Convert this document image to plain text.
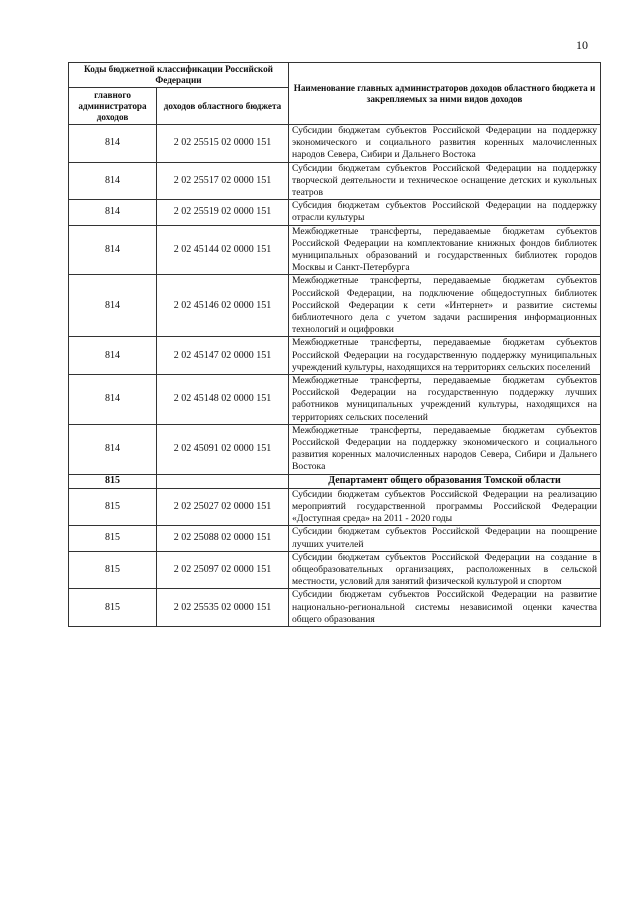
10
Коды бюджетной классификации Российской Федерации		Наименование главных администраторов доходов областного бюджета и закрепляемых за ними видов доходов
главного администратора доходов	доходов областного бюджета	
814	2 02 25515 02 0000 151	Субсидии бюджетам субъектов Российской Федерации на поддержку экономического и социального развития коренных малочисленных народов Севера, Сибири и Дальнего Востока
814	2 02 25517 02 0000 151	Субсидии бюджетам субъектов Российской Федерации на поддержку творческой деятельности и техническое оснащение детских и кукольных театров
814	2 02 25519 02 0000 151	Субсидия бюджетам субъектов Российской Федерации на поддержку отрасли культуры
814	2 02 45144 02 0000 151	Межбюджетные трансферты, передаваемые бюджетам субъектов Российской Федерации на комплектование книжных фондов библиотек муниципальных образований и государственных библиотек городов Москвы и Санкт-Петербурга
814	2 02 45146 02 0000 151	Межбюджетные трансферты, передаваемые бюджетам субъектов Российской Федерации, на подключение общедоступных библиотек Российской Федерации к сети «Интернет» и развитие системы библиотечного дела с учетом задачи расширения информационных технологий и оцифровки
814	2 02 45147 02 0000 151	Межбюджетные трансферты, передаваемые бюджетам субъектов Российской Федерации на государственную поддержку муниципальных учреждений культуры, находящихся на территориях сельских поселений
814	2 02 45148 02 0000 151	Межбюджетные трансферты, передаваемые бюджетам субъектов Российской Федерации на государственную поддержку лучших работников муниципальных учреждений культуры, находящихся на территориях сельских поселений
814	2 02 45091 02 0000 151	Межбюджетные трансферты, передаваемые бюджетам субъектов Российской Федерации на поддержку экономического и социального развития коренных малочисленных народов Севера, Сибири и Дальнего Востока
815		Департамент общего образования Томской области
815	2 02 25027 02 0000 151	Субсидии бюджетам субъектов Российской Федерации на реализацию мероприятий государственной программы Российской Федерации «Доступная среда» на 2011 - 2020 годы
815	2 02 25088 02 0000 151	Субсидии бюджетам субъектов Российской Федерации на поощрение лучших учителей
815	2 02 25097 02 0000 151	Субсидии бюджетам субъектов Российской Федерации на создание в общеобразовательных организациях, расположенных в сельской местности, условий для занятий физической культурой и спортом
815	2 02 25535 02 0000 151	Субсидии бюджетам субъектов Российской Федерации на развитие национально-региональной системы независимой оценки качества общего образования
